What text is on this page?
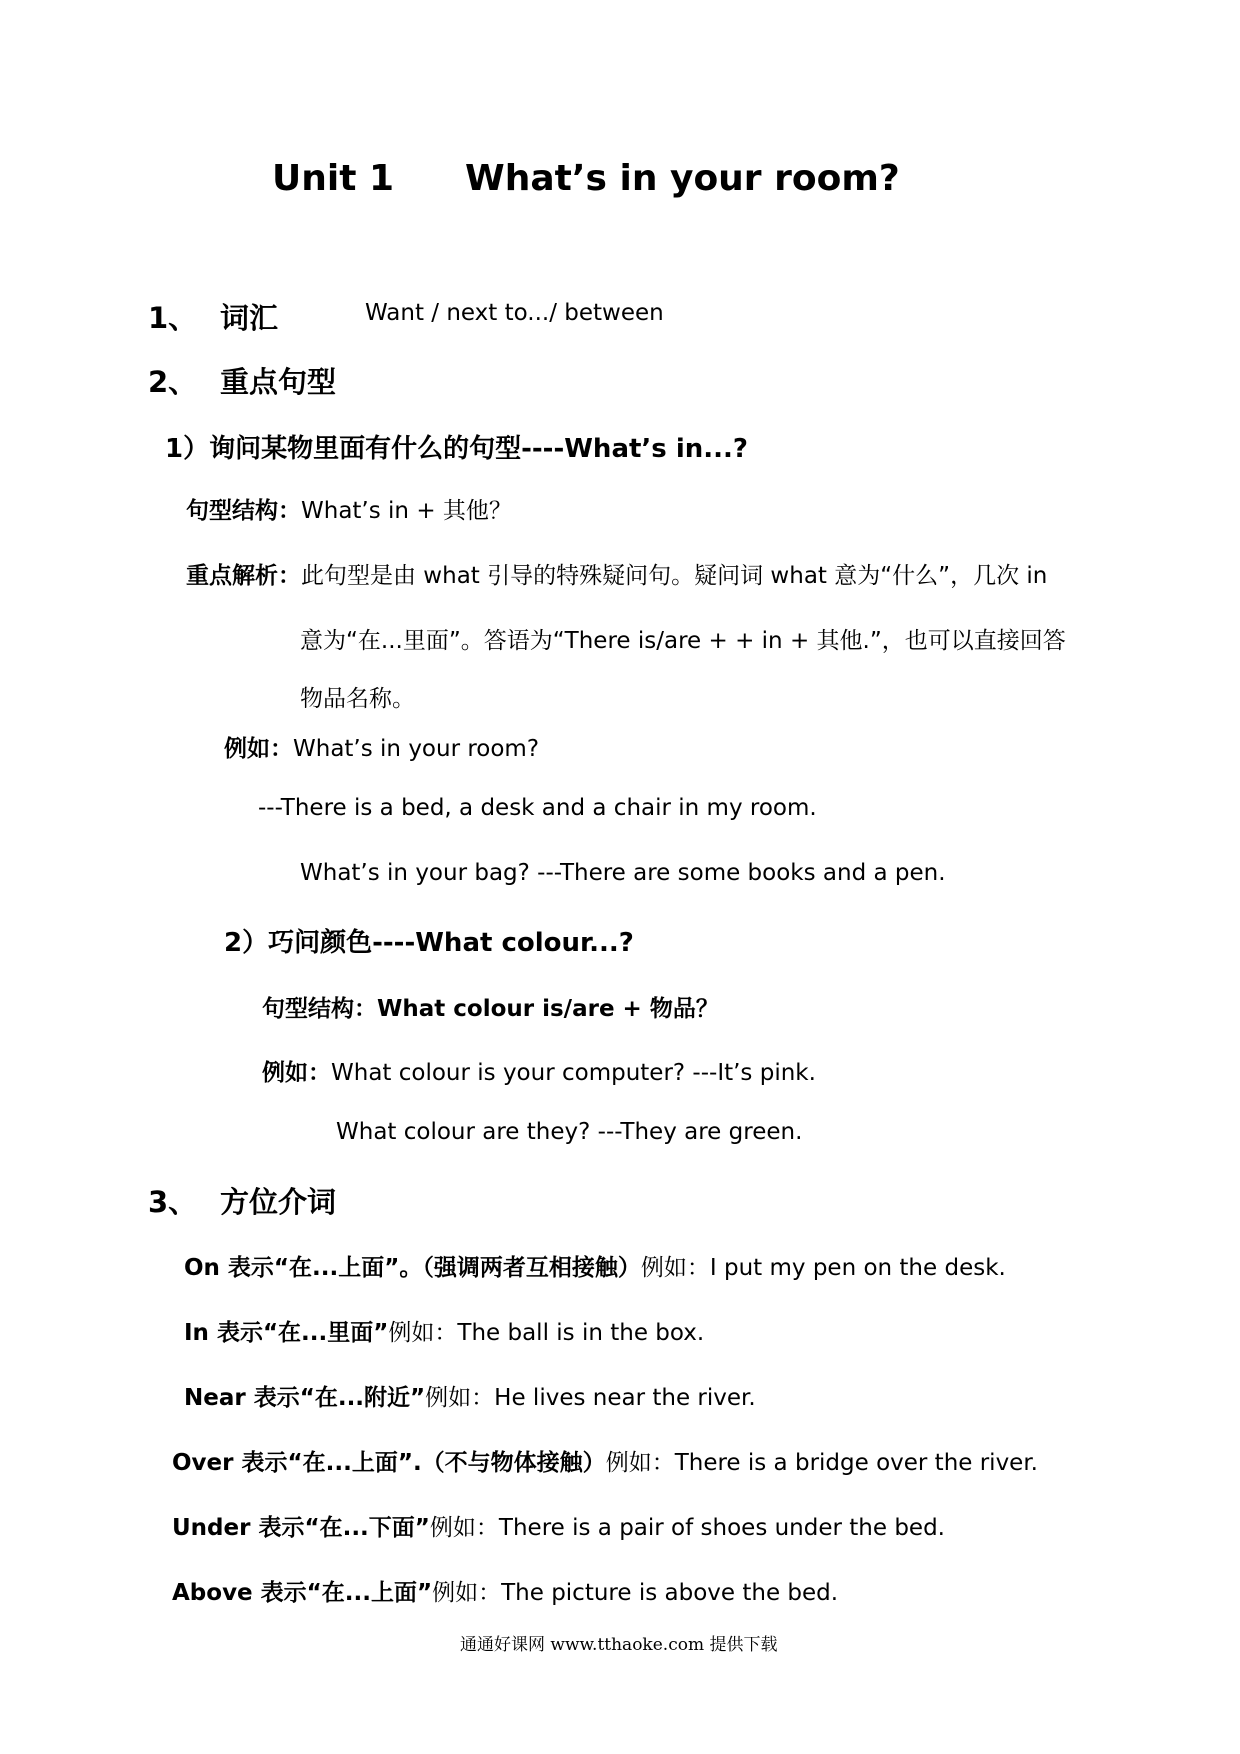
Unit 1 What’s in your room?
1、 词汇	Want / next to.../ between
2、 重点句型
1）询问某物里面有什么的句型----What’s in...?
句型结构：What’s in + 其他？
重点解析：此句型是由 what 引导的特殊疑问句。疑问词 what 意为“什么”，几次 in
意为“在...里面”。答语为“There is/are + + in + 其他.”，也可以直接回答
物品名称。
例如：What’s in your room?
---There is a bed, a desk and a chair in my room.
What’s in your bag? ---There are some books and a pen.
2）巧问颜色----What colour...?
句型结构：What colour is/are + 物品？
例如：What colour is your computer? ---It’s pink.
What colour are they? ---They are green.
3、 方位介词
On 表示“在...上面”。（强调两者互相接触）例如：I put my pen on the desk.
In 表示“在...里面”例如：The ball is in the box.
Near 表示“在...附近”例如：He lives near the river.
Over 表示“在...上面”.（不与物体接触）例如：There is a bridge over the river.
Under 表示“在...下面”例如：There is a pair of shoes under the bed.
Above 表示“在...上面”例如：The picture is above the bed.
通通好课网 www.tthaoke.com 提供下载
